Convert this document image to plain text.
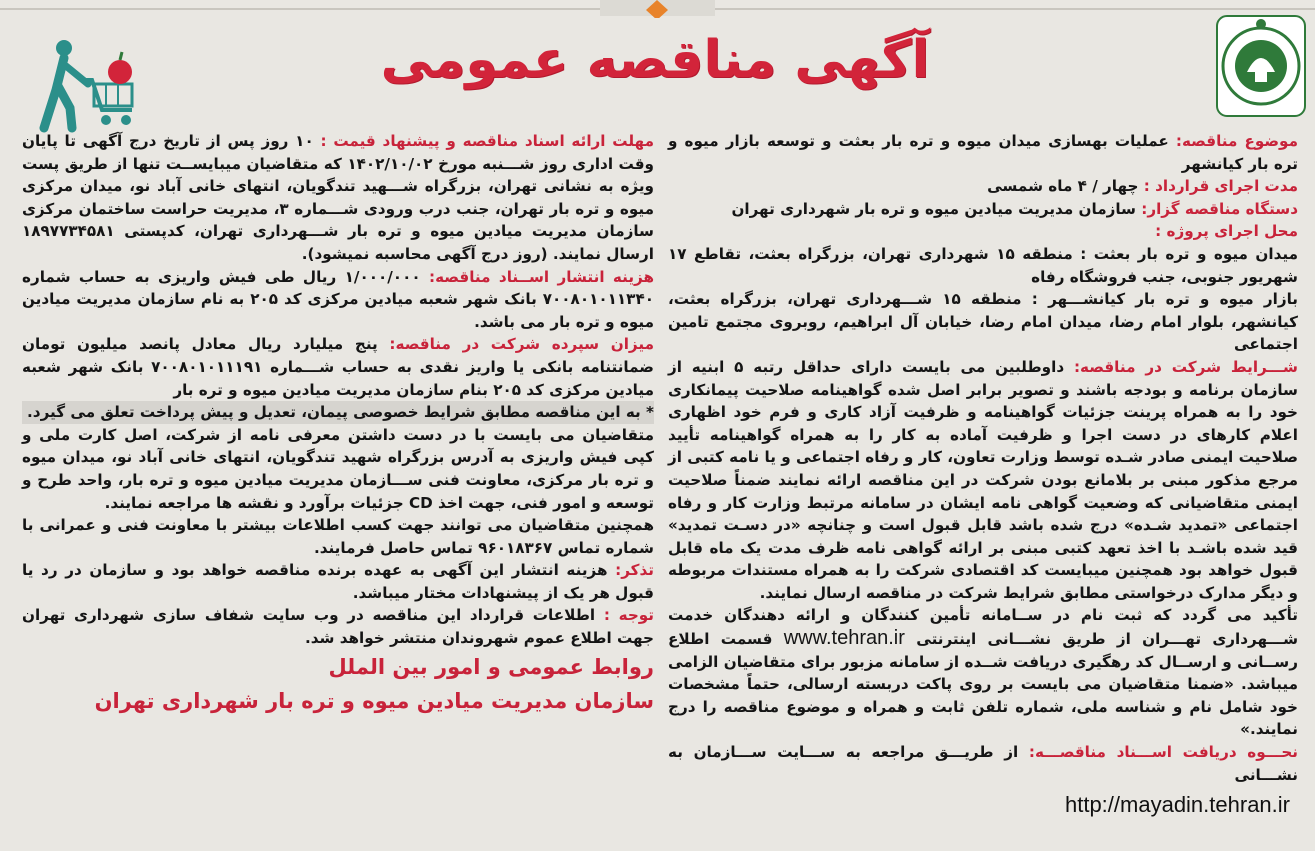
آگهی مناقصه عمومی

موضوع مناقصه: عملیات بهسازی میدان میوه و تره بار بعثت و توسعه بازار میوه و تره بار کیانشهر

مدت اجرای قرارداد : چهار / ۴ ماه شمسی

دستگاه مناقصه گزار: سازمان مدیریت میادین میوه و تره بار شهرداری تهران

محل اجرای پروژه :

میدان میوه و تره بار بعثت : منطقه ۱۵ شهرداری تهران، بزرگراه بعثت، تقاطع ۱۷ شهریور جنوبی، جنب فروشگاه رفاه

بازار میوه و تره بار کیانشـــهر : منطقه ۱۵ شـــهرداری تهران، بزرگراه بعثت، کیانشهر، بلوار امام رضا، میدان امام رضا، خیابان آل ابراهیم، روبروی مجتمع تامین اجتماعی

شـــرایط شرکت در مناقصه: داوطلبین می بایست دارای حداقل رتبه ۵ ابنیه از سازمان برنامه و بودجه باشند و تصویر برابر اصل شده گواهینامه صلاحیت پیمانکاری خود را به همراه پرینت جزئیات گواهینامه و ظرفیت آزاد کاری و فرم خود اظهاری اعلام کارهای در دست اجرا و ظرفیت آماده به کار را به همراه گواهینامه تأیید صلاحیت ایمنی صادر شـده توسط وزارت تعاون، کار و رفاه اجتماعی و یا نامه کتبی از مرجع مذکور مبنی بر بلامانع بودن شرکت در این مناقصه ارائه نمایند ضمناً صلاحیت ایمنی متقاضیانی که وضعیت گواهی نامه ایشان در سامانه مرتبط وزارت کار و رفاه اجتماعی «تمدید شـده» درج شده باشد قابل قبول است و چنانچه «در دسـت تمدید» قید شده باشـد با اخذ تعهد کتبی مبنی بر ارائه گواهی نامه ظرف مدت یک ماه قابل قبول خواهد بود همچنین میبایست کد اقتصادی شرکت را به همراه مستندات مربوطه و دیگر مدارک درخواستی مطابق شرایط شرکت در مناقصه ارسال نمایند.

تأکید می گردد که ثبت نام در ســامانه تأمین کنندگان و ارائه دهندگان خدمت شـــهرداری تهـــران از طریق نشـــانی اینترنتی www.tehran.ir قسمت اطلاع رســانی و ارســال کد رهگیری دریافت شــده از سامانه مزبور برای متقاضیان الزامی میباشد. «ضمنا متقاضیان می بایست بر روی پاکت دربسته ارسالی، حتماً مشخصات خود شامل نام و شناسه ملی، شماره تلفن ثابت و همراه و موضوع مناقصه را درج نمایند.»

نحـــوه دریافت اســـناد مناقصـــه: از طریـــق مراجعه به ســـایت ســـازمان به نشـــانی

http://mayadin.tehran.ir

مهلت ارائه اسناد مناقصه و پیشنهاد قیمت : ۱۰ روز پس از تاریخ درج آگهی تا پایان وقت اداری روز شـــنبه مورخ ۱۴۰۲/۱۰/۰۲ که متقاضیان میبایســت تنها از طریق پست ویژه به نشانی تهران، بزرگراه شـــهید تندگویان، انتهای خانی آباد نو، میدان مرکزی میوه و تره بار تهران، جنب درب ورودی شـــماره ۳، مدیریت حراست ساختمان مرکزی سازمان مدیریت میادین میوه و تره بار شـــهرداری تهران، کدپستی ۱۸۹۷۷۳۴۵۸۱ ارسال نمایند. (روز درج آگهی محاسبه نمیشود).

هزینه انتشار اســناد مناقصه: ۱/۰۰۰/۰۰۰ ریال طی فیش واریزی به حساب شماره ۷۰۰۸۰۱۰۱۱۳۴۰ بانک شهر شعبه میادین مرکزی کد ۲۰۵ به نام سازمان مدیریت میادین میوه و تره بار می باشد.

میزان سپرده شرکت در مناقصه: پنج میلیارد ریال معادل پانصد میلیون تومان ضمانتنامه بانکی یا واریز نقدی به حساب شـــماره ۷۰۰۸۰۱۰۱۱۱۹۱ بانک شهر شعبه میادین مرکزی کد ۲۰۵ بنام سازمان مدیریت میادین میوه و تره بار

* به این مناقصه مطابق شرایط خصوصی پیمان، تعدیل و پیش پرداخت تعلق می گیرد.

متقاضیان می بایست با در دست داشتن معرفی نامه از شرکت، اصل کارت ملی و کپی فیش واریزی به آدرس بزرگراه شهید تندگویان، انتهای خانی آباد نو، میدان میوه و تره بار مرکزی، معاونت فنی ســـازمان مدیریت میادین میوه و تره بار، واحد طرح و توسعه و امور فنی، جهت اخذ CD جزئیات برآورد و نقشه ها مراجعه نمایند.

همچنین متقاضیان می توانند جهت کسب اطلاعات بیشتر با معاونت فنی و عمرانی با شماره تماس ۹۶۰۱۸۳۶۷ تماس حاصل فرمایند.

تذکر: هزینه انتشار این آگهی به عهده برنده مناقصه خواهد بود و سازمان در رد یا قبول هر یک از پیشنهادات مختار میباشد.

توجه : اطلاعات قرارداد این مناقصه در وب سایت شفاف سازی شهرداری تهران جهت اطلاع عموم شهروندان منتشر خواهد شد.

روابط عمومی و امور بین الملل

سازمان مدیریت میادین میوه و تره بار شهرداری تهران
